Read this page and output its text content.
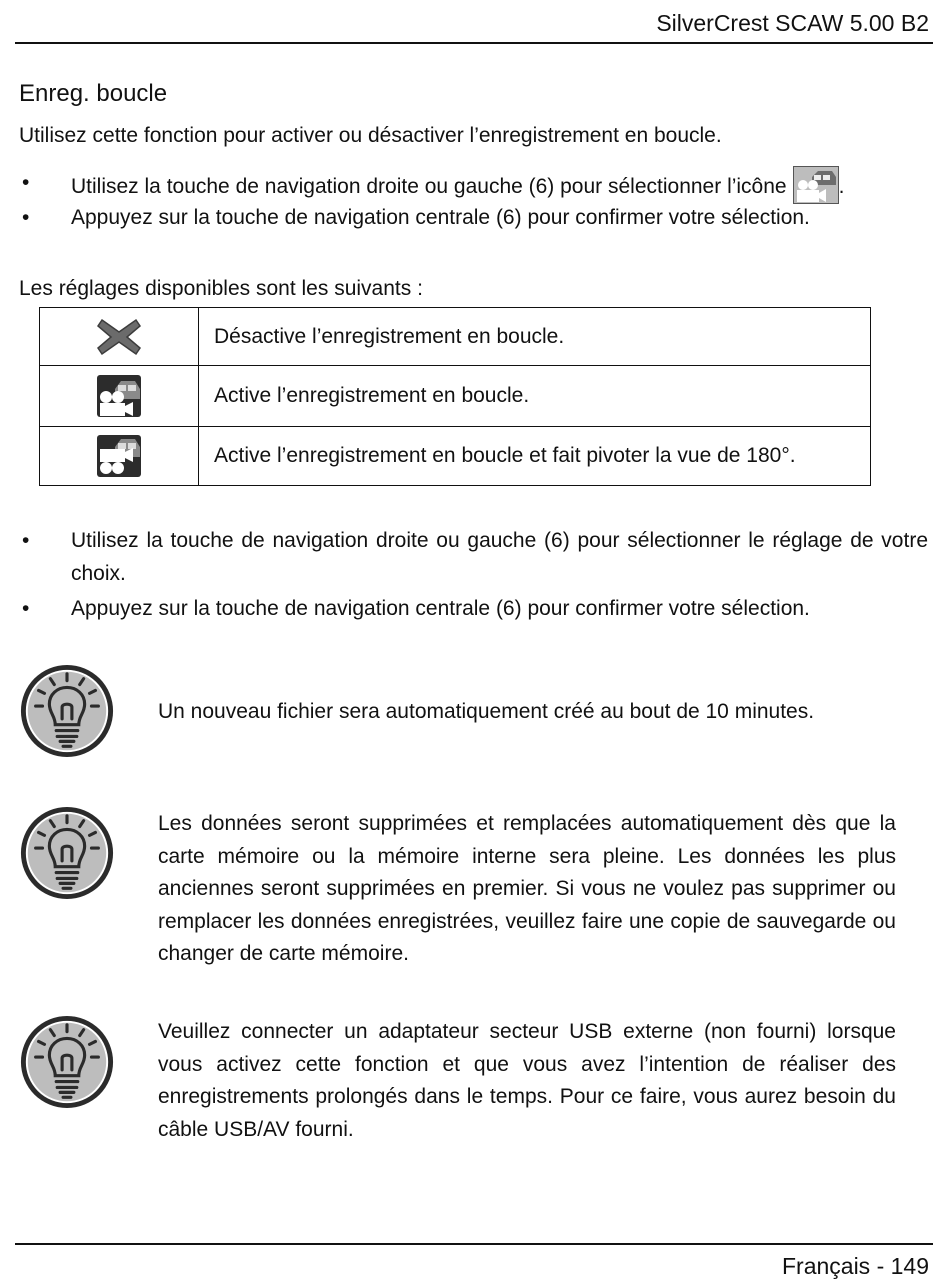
SilverCrest SCAW 5.00 B2
Enreg. boucle
Utilisez cette fonction pour activer ou désactiver l’enregistrement en boucle.
• Utilisez la touche de navigation droite ou gauche (6) pour sélectionner l’icône .
• Appuyez sur la touche de navigation centrale (6) pour confirmer votre sélection.
Les réglages disponibles sont les suivants :
	Désactive l’enregistrement en boucle.
	Active l’enregistrement en boucle.
	Active l’enregistrement en boucle et fait pivoter la vue de 180°.
• Utilisez la touche de navigation droite ou gauche (6) pour sélectionner le réglage de votre choix.
• Appuyez sur la touche de navigation centrale (6) pour confirmer votre sélection.
Un nouveau fichier sera automatiquement créé au bout de 10 minutes.
Les données seront supprimées et remplacées automatiquement dès que la carte mémoire ou la mémoire interne sera pleine. Les données les plus anciennes seront supprimées en premier. Si vous ne voulez pas supprimer ou remplacer les données enregistrées, veuillez faire une copie de sauvegarde ou changer de carte mémoire.
Veuillez connecter un adaptateur secteur USB externe (non fourni) lorsque vous activez cette fonction et que vous avez l’intention de réaliser des enregistrements prolongés dans le temps. Pour ce faire, vous aurez besoin du câble USB/AV fourni.
Français - 149
